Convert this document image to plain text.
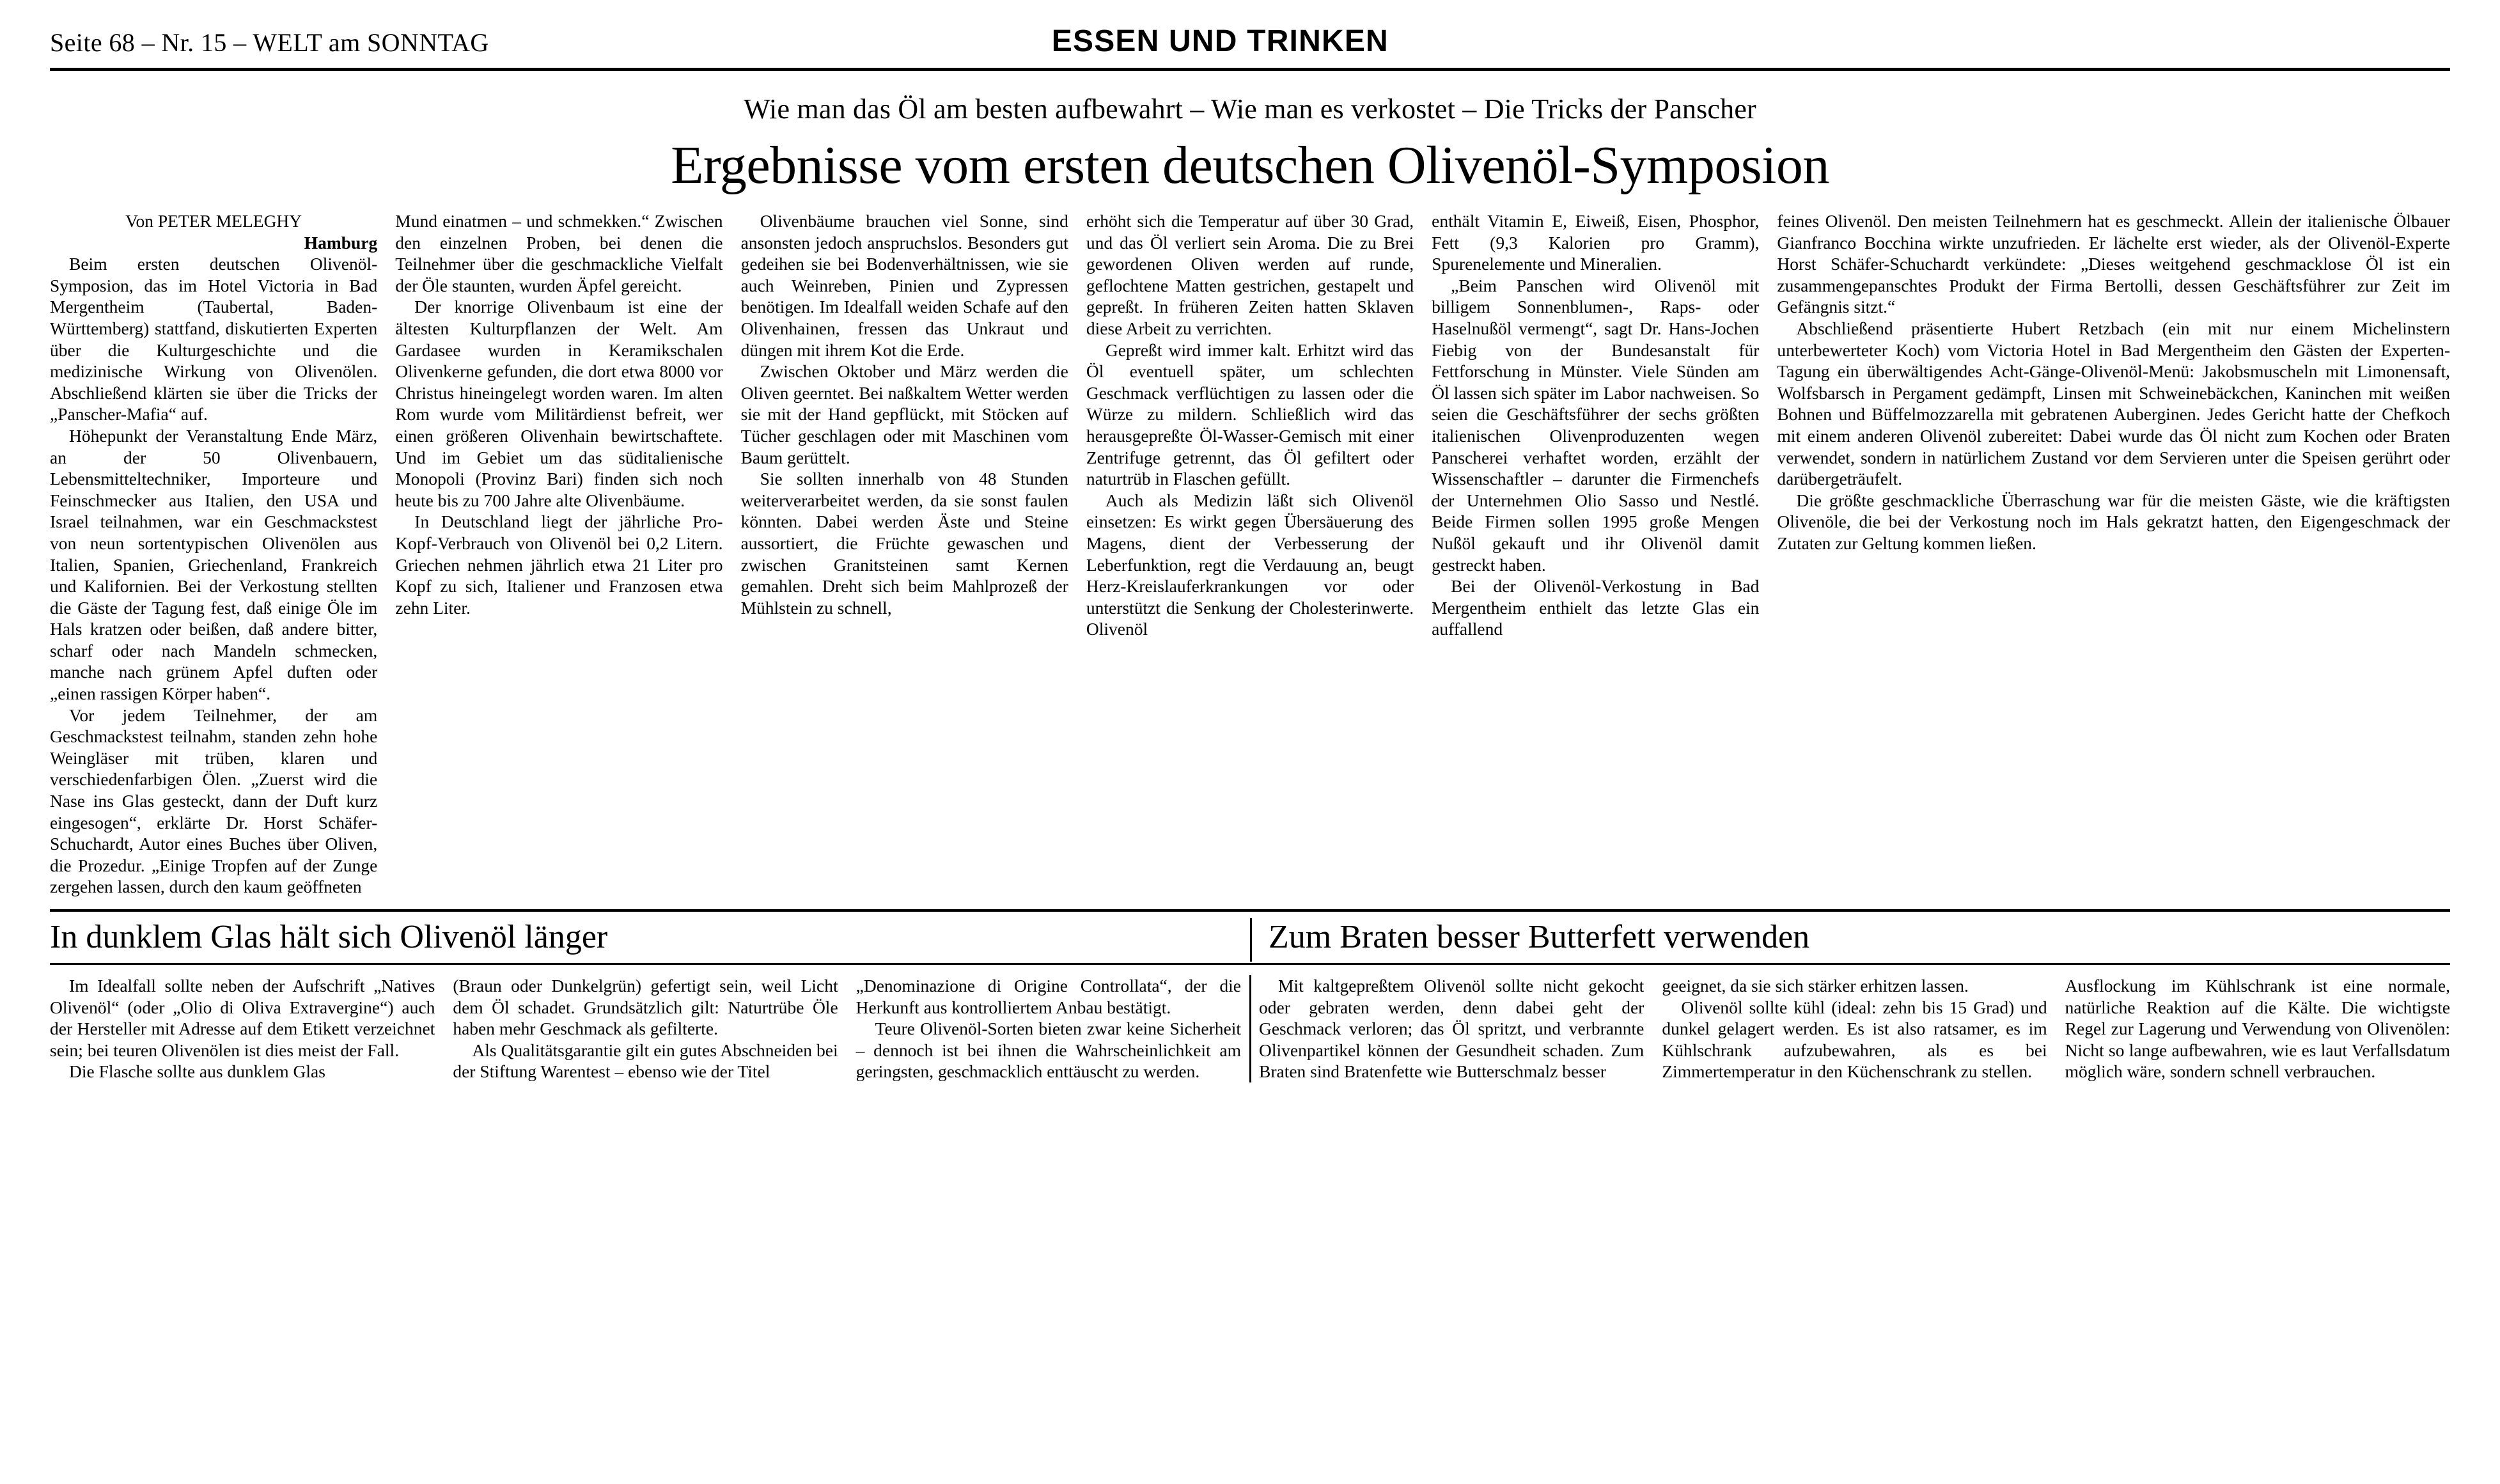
Seite 68 – Nr. 15 – WELT am SONNTAG	ESSEN UND TRINKEN
Wie man das Öl am besten aufbewahrt – Wie man es verkostet – Die Tricks der Panscher
Ergebnisse vom ersten deutschen Olivenöl-Symposion

Von PETER MELEGHY
Hamburg

Beim ersten deutschen Olivenöl-Symposion, das im Hotel Victoria in Bad Mergentheim (Taubertal, Baden-Württemberg) stattfand, diskutierten Experten über die Kulturgeschichte und die medizinische Wirkung von Olivenölen. Abschließend klärten sie über die Tricks der „Panscher-Mafia“ auf.

Höhepunkt der Veranstaltung Ende März, an der 50 Olivenbauern, Lebensmitteltechniker, Importeure und Feinschmecker aus Italien, den USA und Israel teilnahmen, war ein Geschmackstest von neun sortentypischen Olivenölen aus Italien, Spanien, Griechenland, Frankreich und Kalifornien. Bei der Verkostung stellten die Gäste der Tagung fest, daß einige Öle im Hals kratzen oder beißen, daß andere bitter, scharf oder nach Mandeln schmecken, manche nach grünem Apfel duften oder „einen rassigen Körper haben“.

Vor jedem Teilnehmer, der am Geschmackstest teilnahm, standen zehn hohe Weingläser mit trüben, klaren und verschiedenfarbigen Ölen. „Zuerst wird die Nase ins Glas gesteckt, dann der Duft kurz eingesogen“, erklärte Dr. Horst Schäfer-Schuchardt, Autor eines Buches über Oliven, die Prozedur. „Einige Tropfen auf der Zunge zergehen lassen, durch den kaum geöffneten

Mund einatmen – und schmekken.“ Zwischen den einzelnen Proben, bei denen die Teilnehmer über die geschmackliche Vielfalt der Öle staunten, wurden Äpfel gereicht.

Der knorrige Olivenbaum ist eine der ältesten Kulturpflanzen der Welt. Am Gardasee wurden in Keramikschalen Olivenkerne gefunden, die dort etwa 8000 vor Christus hineingelegt worden waren. Im alten Rom wurde vom Militärdienst befreit, wer einen größeren Olivenhain bewirtschaftete. Und im Gebiet um das süditalienische Monopoli (Provinz Bari) finden sich noch heute bis zu 700 Jahre alte Olivenbäume.

In Deutschland liegt der jährliche Pro-Kopf-Verbrauch von Olivenöl bei 0,2 Litern. Griechen nehmen jährlich etwa 21 Liter pro Kopf zu sich, Italiener und Franzosen etwa zehn Liter.

Olivenbäume brauchen viel Sonne, sind ansonsten jedoch anspruchslos. Besonders gut gedeihen sie bei Bodenverhältnissen, wie sie auch Weinreben, Pinien und Zypressen benötigen. Im Idealfall weiden Schafe auf den Olivenhainen, fressen das Unkraut und düngen mit ihrem Kot die Erde.

Zwischen Oktober und März werden die Oliven geerntet. Bei naßkaltem Wetter werden sie mit der Hand gepflückt, mit Stöcken auf Tücher geschlagen oder mit Maschinen vom Baum gerüttelt.

Sie sollten innerhalb von 48 Stunden weiterverarbeitet werden, da sie sonst faulen könnten. Dabei werden Äste und Steine aussortiert, die Früchte gewaschen und zwischen Granitsteinen samt Kernen gemahlen. Dreht sich beim Mahlprozeß der Mühlstein zu schnell,

erhöht sich die Temperatur auf über 30 Grad, und das Öl verliert sein Aroma. Die zu Brei gewordenen Oliven werden auf runde, geflochtene Matten gestrichen, gestapelt und gepreßt. In früheren Zeiten hatten Sklaven diese Arbeit zu verrichten.

Gepreßt wird immer kalt. Erhitzt wird das Öl eventuell später, um schlechten Geschmack verflüchtigen zu lassen oder die Würze zu mildern. Schließlich wird das herausgepreßte Öl-Wasser-Gemisch mit einer Zentrifuge getrennt, das Öl gefiltert oder naturtrüb in Flaschen gefüllt.

Auch als Medizin läßt sich Olivenöl einsetzen: Es wirkt gegen Übersäuerung des Magens, dient der Verbesserung der Leberfunktion, regt die Verdauung an, beugt Herz-Kreislauferkrankungen vor oder unterstützt die Senkung der Cholesterinwerte. Olivenöl

enthält Vitamin E, Eiweiß, Eisen, Phosphor, Fett (9,3 Kalorien pro Gramm), Spurenelemente und Mineralien.

„Beim Panschen wird Olivenöl mit billigem Sonnenblumen-, Raps- oder Haselnußöl vermengt“, sagt Dr. Hans-Jochen Fiebig von der Bundesanstalt für Fettforschung in Münster. Viele Sünden am Öl lassen sich später im Labor nachweisen. So seien die Geschäftsführer der sechs größten italienischen Olivenproduzenten wegen Panscherei verhaftet worden, erzählt der Wissenschaftler – darunter die Firmenchefs der Unternehmen Olio Sasso und Nestlé. Beide Firmen sollen 1995 große Mengen Nußöl gekauft und ihr Olivenöl damit gestreckt haben.

Bei der Olivenöl-Verkostung in Bad Mergentheim enthielt das letzte Glas ein auffallend

feines Olivenöl. Den meisten Teilnehmern hat es geschmeckt. Allein der italienische Ölbauer Gianfranco Bocchina wirkte unzufrieden. Er lächelte erst wieder, als der Olivenöl-Experte Horst Schäfer-Schuchardt verkündete: „Dieses weitgehend geschmacklose Öl ist ein zusammengepanschtes Produkt der Firma Bertolli, dessen Geschäftsführer zur Zeit im Gefängnis sitzt.“

Abschließend präsentierte Hubert Retzbach (ein mit nur einem Michelinstern unterbewerteter Koch) vom Victoria Hotel in Bad Mergentheim den Gästen der Experten-Tagung ein überwältigendes Acht-Gänge-Olivenöl-Menü: Jakobsmuscheln mit Limonensaft, Wolfsbarsch in Pergament gedämpft, Linsen mit Schweinebäckchen, Kaninchen mit weißen Bohnen und Büffelmozzarella mit gebratenen Auberginen. Jedes Gericht hatte der Chefkoch mit einem anderen Olivenöl zubereitet: Dabei wurde das Öl nicht zum Kochen oder Braten verwendet, sondern in natürlichem Zustand vor dem Servieren unter die Speisen gerührt oder darübergeträufelt.

Die größte geschmackliche Überraschung war für die meisten Gäste, wie die kräftigsten Olivenöle, die bei der Verkostung noch im Hals gekratzt hatten, den Eigengeschmack der Zutaten zur Geltung kommen ließen.

In dunklem Glas hält sich Olivenöl länger	Zum Braten besser Butterfett verwenden

Im Idealfall sollte neben der Aufschrift „Natives Olivenöl“ (oder „Olio di Oliva Extravergine“) auch der Hersteller mit Adresse auf dem Etikett verzeichnet sein; bei teuren Olivenölen ist dies meist der Fall.

Die Flasche sollte aus dunklem Glas

(Braun oder Dunkelgrün) gefertigt sein, weil Licht dem Öl schadet. Grundsätzlich gilt: Naturtrübe Öle haben mehr Geschmack als gefilterte.

Als Qualitätsgarantie gilt ein gutes Abschneiden bei der Stiftung Warentest – ebenso wie der Titel

„Denominazione di Origine Controllata“, der die Herkunft aus kontrolliertem Anbau bestätigt.

Teure Olivenöl-Sorten bieten zwar keine Sicherheit – dennoch ist bei ihnen die Wahrscheinlichkeit am geringsten, geschmacklich enttäuscht zu werden.

Mit kaltgepreßtem Olivenöl sollte nicht gekocht oder gebraten werden, denn dabei geht der Geschmack verloren; das Öl spritzt, und verbrannte Olivenpartikel können der Gesundheit schaden. Zum Braten sind Bratenfette wie Butterschmalz besser

geeignet, da sie sich stärker erhitzen lassen.

Olivenöl sollte kühl (ideal: zehn bis 15 Grad) und dunkel gelagert werden. Es ist also ratsamer, es im Kühlschrank aufzubewahren, als es bei Zimmertemperatur in den Küchenschrank zu stellen.

Ausflockung im Kühlschrank ist eine normale, natürliche Reaktion auf die Kälte. Die wichtigste Regel zur Lagerung und Verwendung von Olivenölen: Nicht so lange aufbewahren, wie es laut Verfallsdatum möglich wäre, sondern schnell verbrauchen.
